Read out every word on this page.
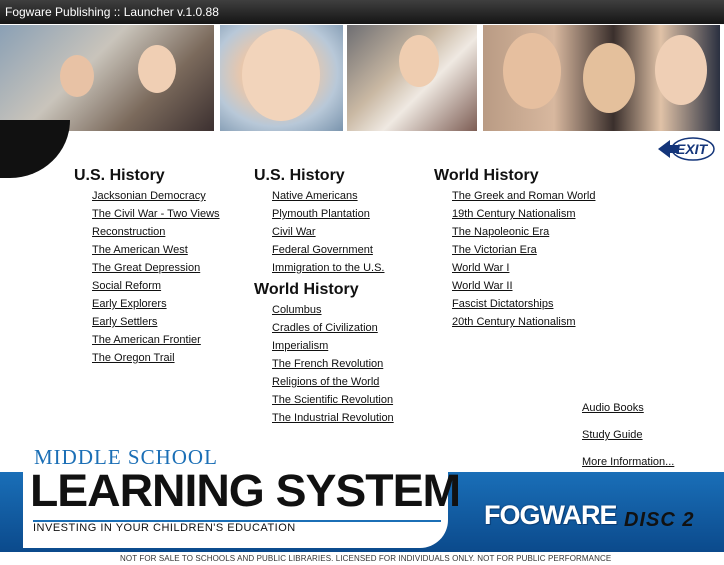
Fogware Publishing :: Launcher v.1.0.88
EXIT
U.S. History
Jacksonian Democracy
The Civil War - Two Views
Reconstruction
The American West
The Great Depression
Social Reform
Early Explorers
Early Settlers
The American Frontier
The Oregon Trail
U.S. History
Native Americans
Plymouth Plantation
Civil War
Federal Government
Immigration to the U.S.
World History
Columbus
Cradles of Civilization
Imperialism
The French Revolution
Religions of the World
The Scientific Revolution
The Industrial Revolution
World History
The Greek and Roman World
19th Century Nationalism
The Napoleonic Era
The Victorian Era
World War I
World War II
Fascist Dictatorships
20th Century Nationalism
Audio Books
Study Guide
More Information...
MIDDLE SCHOOL
LEARNING SYSTEM
INVESTING IN YOUR CHILDREN'S EDUCATION	FOGWARE DISC 2
NOT FOR SALE TO SCHOOLS AND PUBLIC LIBRARIES. LICENSED FOR INDIVIDUALS ONLY. NOT FOR PUBLIC PERFORMANCE
